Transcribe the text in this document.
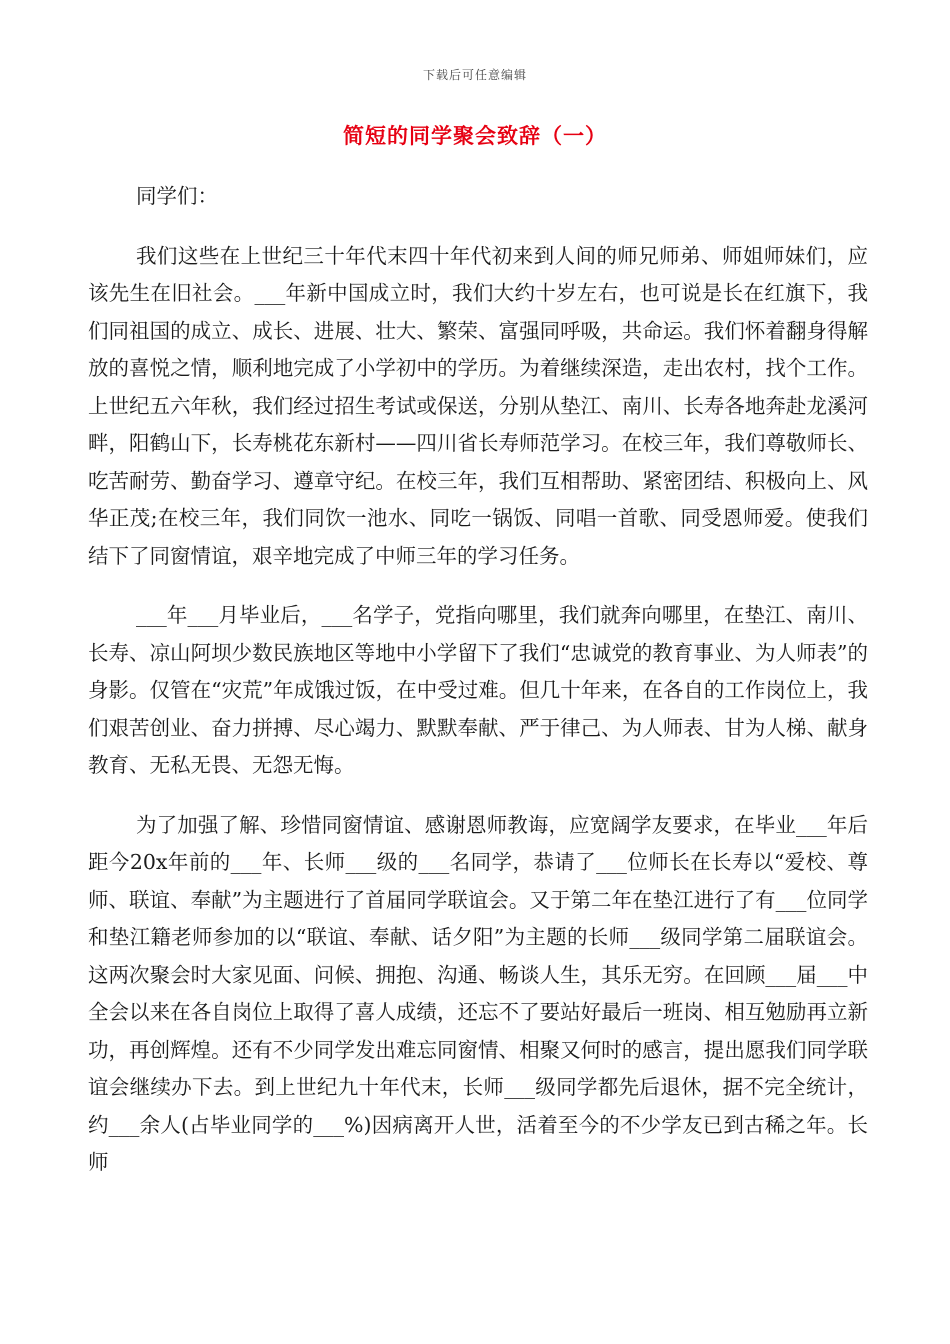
下载后可任意编辑
简短的同学聚会致辞（一）

同学们：

我们这些在上世纪三十年代末四十年代初来到人间的师兄师弟、师姐师妹们，应该先生在旧社会。___年新中国成立时，我们大约十岁左右，也可说是长在红旗下，我们同祖国的成立、成长、进展、壮大、繁荣、富强同呼吸，共命运。我们怀着翻身得解放的喜悦之情，顺利地完成了小学初中的学历。为着继续深造，走出农村，找个工作。上世纪五六年秋，我们经过招生考试或保送，分别从垫江、南川、长寿各地奔赴龙溪河畔，阳鹤山下，长寿桃花东新村——四川省长寿师范学习。在校三年，我们尊敬师长、吃苦耐劳、勤奋学习、遵章守纪。在校三年，我们互相帮助、紧密团结、积极向上、风华正茂;在校三年，我们同饮一池水、同吃一锅饭、同唱一首歌、同受恩师爱。使我们结下了同窗情谊，艰辛地完成了中师三年的学习任务。

___年___月毕业后，___名学子，党指向哪里，我们就奔向哪里，在垫江、南川、长寿、凉山阿坝少数民族地区等地中小学留下了我们“忠诚党的教育事业、为人师表”的身影。仅管在“灾荒”年成饿过饭，在中受过难。但几十年来，在各自的工作岗位上，我们艰苦创业、奋力拼搏、尽心竭力、默默奉献、严于律己、为人师表、甘为人梯、献身教育、无私无畏、无怨无悔。

为了加强了解、珍惜同窗情谊、感谢恩师教诲，应宽阔学友要求，在毕业___年后距今20x年前的___年、长师___级的___名同学，恭请了___位师长在长寿以“爱校、尊师、联谊、奉献”为主题进行了首届同学联谊会。又于第二年在垫江进行了有___位同学和垫江籍老师参加的以“联谊、奉献、话夕阳”为主题的长师___级同学第二届联谊会。这两次聚会时大家见面、问候、拥抱、沟通、畅谈人生，其乐无穷。在回顾___届___中全会以来在各自岗位上取得了喜人成绩，还忘不了要站好最后一班岗、相互勉励再立新功，再创辉煌。还有不少同学发出难忘同窗情、相聚又何时的感言，提出愿我们同学联谊会继续办下去。到上世纪九十年代末，长师___级同学都先后退休，据不完全统计，约___余人(占毕业同学的___%)因病离开人世，活着至今的不少学友已到古稀之年。长师
